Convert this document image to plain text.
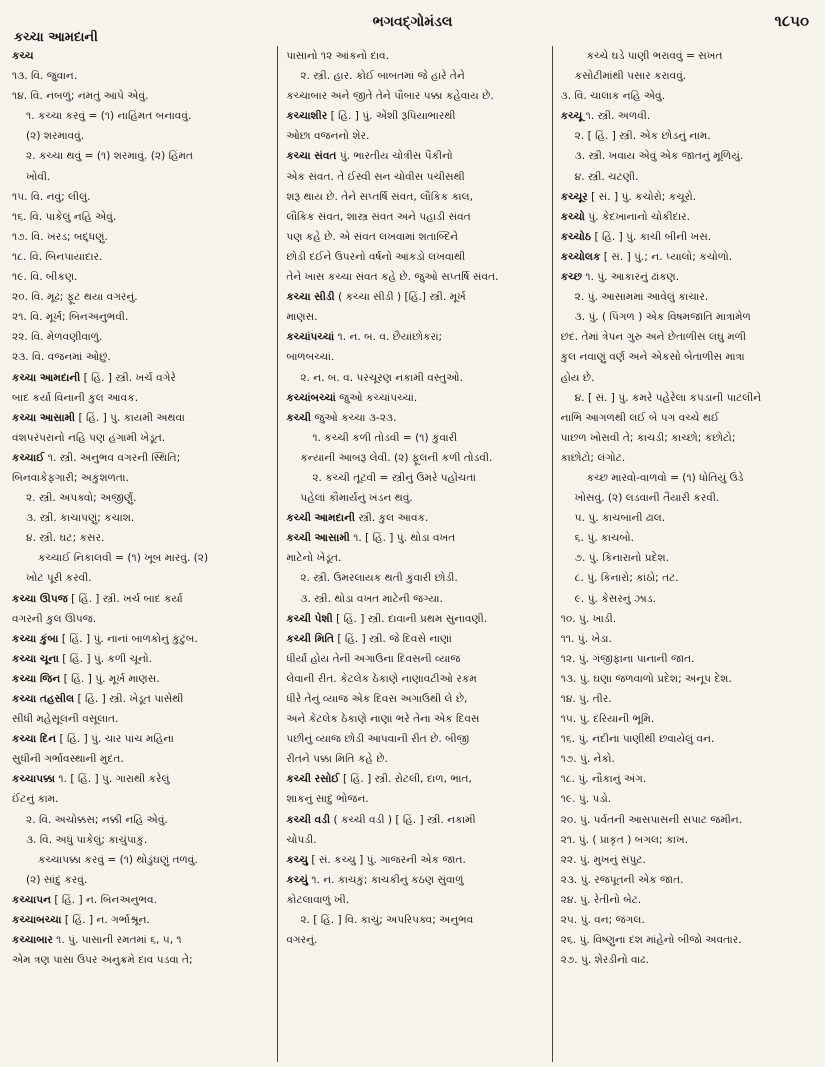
કચ્ચા આમદાની
ભગવદ્ગોમંડલ	૧૮૫૦
કચ્ચ
૧૩. વિ. જુવાન.
૧૪. વિ. નબળું; નમતું આપે એવું.
૧. કચ્ચા કરવું = (૧) નાહિંમત બનાવવું.
(૨) શરમાવવું.
૨. કચ્ચા થવું = (૧) શરમાવું. (૨) હિંમત
ખોવી.
૧૫. વિ. નવું; લીલું.
૧૬. વિ. પાકેલું નહિ એવું.
૧૭. વિ. ખરડ; બદ્દ્ધણું.
૧૮. વિ. બિનપાયાદાર.
૧૯. વિ. બીકણ.
૨૦. વિ. મૂઢ; ફૂટ થયા વગરનું.
૨૧. વિ. મૂર્ખ; બિનઅનુભવી.
૨૨. વિ. મેળવણીવાળું.
૨૩. વિ. વજનમાં ઓછું.
કચ્ચા આમદાની [ હિં. ] સ્ત્રી. ખર્ચ વગેરે
બાદ કર્યા વિનાની કુલ આવક.
કચ્ચા આસામી [ હિં. ] પું. કાયમી અથવા
વંશપરંપરાનો નહિ પણ હંગામી ખેડૂત.
કચ્ચાઈ ૧. સ્ત્રી. અનુભવ વગરની સ્થિતિ;
બિનવાકેફગારી; અકુશળતા.
૨. સ્ત્રી. અપક્વો; અજીર્ણું.
૩. સ્ત્રી. કાચાપણું; કચાશ.
૪. સ્ત્રી. ઘટ; કસર.
કચ્ચાઈ નિકાલવી = (૧) ખૂબ મારવું. (૨)
ખોટ પૂરી કરવી.
કચ્ચા ઊપજ [ હિં. ] સ્ત્રી. ખર્ચ બાદ કર્યા
વગરની કુલ ઊપજ.
કચ્ચા કુંબા [ હિં. ] પું. નાનાં બાળકોનું કુટુંબ.
કચ્ચા ચૂના [ હિં. ] પું. કળી ચૂનો.
કચ્ચા જિન [ હિં. ] પું. મૂર્ખ માણસ.
કચ્ચા તહસીલ [ હિં. ] સ્ત્રી. ખેડૂત પાસેથી
સીધી મહેસૂલની વસૂલાત.
કચ્ચા દિન [ હિં. ] પું. ચાર પાંચ મહિના
સુધીની ગર્ભાવસ્થાની મુદત.
કચ્ચાપક્કા ૧. [ હિં. ] પું. ગારાથી કરેલું
ઈંટનું કામ.
૨. વિ. અચોક્કસ; નક્કી નહિ એવું.
૩. વિ. અધું પાકેલું; કાચુંપાકું.
કચ્ચાપક્કા કરવું = (૧) થોડુંઘણું તળવું.
(૨) સાંદુ કરવું.
કચ્ચાપન [ હિં. ] ન. બિનઅનુભવ.
કચ્ચાબચ્ચા [ હિં. ] ન. ગર્ભાશ્રૂન.
કચ્ચાબાર ૧. પું. પાસાની રમતમાં ૬, ૫, ૧
એમ ત્રણ પાસા ઉપર અનુક્રમે દાવ પડવા તે;
પાસાનો ૧૨ આંકનો દાવ.
૨. સ્ત્રી. હાર. કોઈ બાબતમાં જે હારે તેને
કચ્ચાબાર અને જીતે તેને પૌબાર પક્કા કહેવાય છે.
કચ્ચાશીર [ હિં. ] પું. એંશી રૂપિયાભારથી
ઓછા વજનનો શેર.
કચ્ચા સંવત પું. ભારતીય ચોત્રીસ પૈકીનો
એક સંવત. તે ઈસ્વી સન ચોવીસ પચીસથી
શરૂ થાય છે. તેને સપ્તર્ષિ સંવત, લૌકિક કાલ,
લૌકિક સંવત, શાસ્ત્ર સંવત અને પહાડી સંવત
પણ કહે છે. એ સંવત લખવામાં શતાબ્દિને
છોડી દઈને ઉપરનો વર્ષનો આંકડો લખવાથી
તેને ખાસ કચ્ચા સંવત કહે છે. જુઓ સપ્તર્ષિ સંવત.
કચ્ચા સીડી ( કચ્ચા સીડી ) [હિં.] સ્ત્રી. મૂર્ખ
માણસ.
કચ્ચાંપચ્ચાં ૧. ન. બ. વ. છૈયાંછોકરાં;
બાળબચ્ચાં.
૨. ન. બ. વ. પરચૂરણ નકામી વસ્તુઓ.
કચ્ચાંબચ્ચાં જુઓ કચ્ચાંપચ્ચાં.
કચ્ચી જુઓ કચ્ચા ૩-૨૩.
૧. કચ્ચી કળી તોડવી = (૧) કુંવારી
કન્યાની આબરૂ લેવી. (૨) ફૂલની કળી તોડવી.
૨. કચ્ચી તૂટવી = સ્ત્રીનું ઉમરે પહોંચતાં
પહેલાં કૌમાર્યનું ખંડન થવું.
કચ્ચી આમદાની સ્ત્રી. કુલ આવક.
કચ્ચી આસામી ૧. [ હિં. ] પું. થોડા વખત
માટેનો ખેડૂત.
૨. સ્ત્રી. ઉમરલાયક થતી કુંવારી છોડી.
૩. સ્ત્રી. થોડા વખત માટેની જગ્યા.
કચ્ચી પેશી [ હિં. ] સ્ત્રી. દાવાની પ્રથમ સુનાવણી.
કચ્ચી મિતિ [ હિં. ] સ્ત્રી. જે દિવસે નાણાં
ધીર્યાં હોય તેની અગાઉના દિવસની વ્યાજ
લેવાની રીત. કેટલેક ઠેકાણે નાણાવટીઓ રકમ
ધીરે તેનું વ્યાજ એક દિવસ અગાઉથી લે છે,
અને કેટલેક ઠેકાણે નાણાં ભરે તેના એક દિવસ
પછીનું વ્યાજ છોડી આપવાની રીત છે. બીજી
રીતને પક્કા મિતિ કહે છે.
કચ્ચી રસોઈ [ હિં. ] સ્ત્રી. રોટલી, દાળ, ભાત,
શાકનું સાદું ભોજન.
કચ્ચી વડી ( કચ્ચી વડી ) [ હિં. ] સ્ત્રી. નકામી
ચોપડી.
કચ્ચુ [ સં. કચ્ચુ ] પું. ગાજરની એક જાત.
કચ્ચું ૧. ન. કાચકું; કાચકીનું કઠણ સુંવાળું
કોટલાવાળું ખી.
૨. [ હિં. ] વિ. કાચું; અપરિપક્વ; અનુભવ
વગરનું.
કચ્ચે ઘડે પાણી ભરાવવું = સખત
કસોટીમાંથી પસાર કરાવવું.
૩. વિ. ચાલાક નહિ એવું.
કચ્ચૂ ૧. સ્ત્રી. અળવી.
૨. [ હિં. ] સ્ત્રી. એક છોડનું નામ.
૩. સ્ત્રી. ખવાય એવું એક જાતનું મૂળિયું.
૪. સ્ત્રી. ચટણી.
કચ્ચૂર [ સં. ] પું. કચોરો; કચૂરો.
કચ્ચો પું. કેદખાનાનો ચોકીદાર.
કચ્ચોઠ [ હિં. ] પું. કાચી બીની ખસ.
કચ્ચોલક [ સં. ] પું.; ન. પ્યાલો; કચોળો.
કચ્છ ૧. પું. આકારનું ઢાંકણ.
૨. પું. આસામમાં આવેલું કાચાર.
૩. પું. ( પિંગળ ) એક વિષમજાતિ માત્રામેળ
છંદ. તેમાં ત્રેપન ગુરુ અને છેતાળીસ લઘુ મળી
કુલ નવાણું વર્ણ અને એકસો બેતાળીસ માત્રા
હોય છે.
૪. [ સં. ] પું. કમરે પહેરેલા કપડાની પાટલીને
નાભિ આગળથી લઈ બે પગ વચ્ચે થઈ
પાછળ ખોસવી તે; કાચડી; કાચ્છો; કછોટો;
કાછોટો; લંગોટ.
કચ્છ મારવો-વાળવો = (૧) ધોતિયું ઉંડે
ખોસવું. (૨) લડવાની તૈયારી કરવી.
૫. પું. કાચબાની ઢાલ.
૬. પું. કાચબો.
૭. પું. કિનારાનો પ્રદેશ.
૮. પું. કિનારો; કાંઠો; તટ.
૯. પું. કેસરનું ઝાડ.
૧૦. પું. ખાડી.
૧૧. પું. ખેડા.
૧૨. પું. ગંજીફાના પાનાની જાત.
૧૩. પું. ઘણા જળવાળો પ્રદેશ; અનૂપ દેશ.
૧૪. પું. તીર.
૧૫. પું. દરિયાની ભૂમિ.
૧૬. પું. નદીના પાણીથી છવાયેલું વન.
૧૭. પું. નેકો.
૧૮. પું. નૌકાનું અંગ.
૧૯. પું. પડો.
૨૦. પું. પર્વતની આસપાસની સપાટ જમીન.
૨૧. પું. ( પ્રાકૃત ) બગલ; કાખ.
૨૨. પું. મુખનું સંપુટ.
૨૩. પું. રજપૂતની એક જાત.
૨૪. પું. રેતીનો બેટ.
૨૫. પું. વન; જંગલ.
૨૬. પું. વિષ્ણુના દશ માંહેનો બીજો અવતાર.
૨૭. પું. શેરડીનો વાઢ.
